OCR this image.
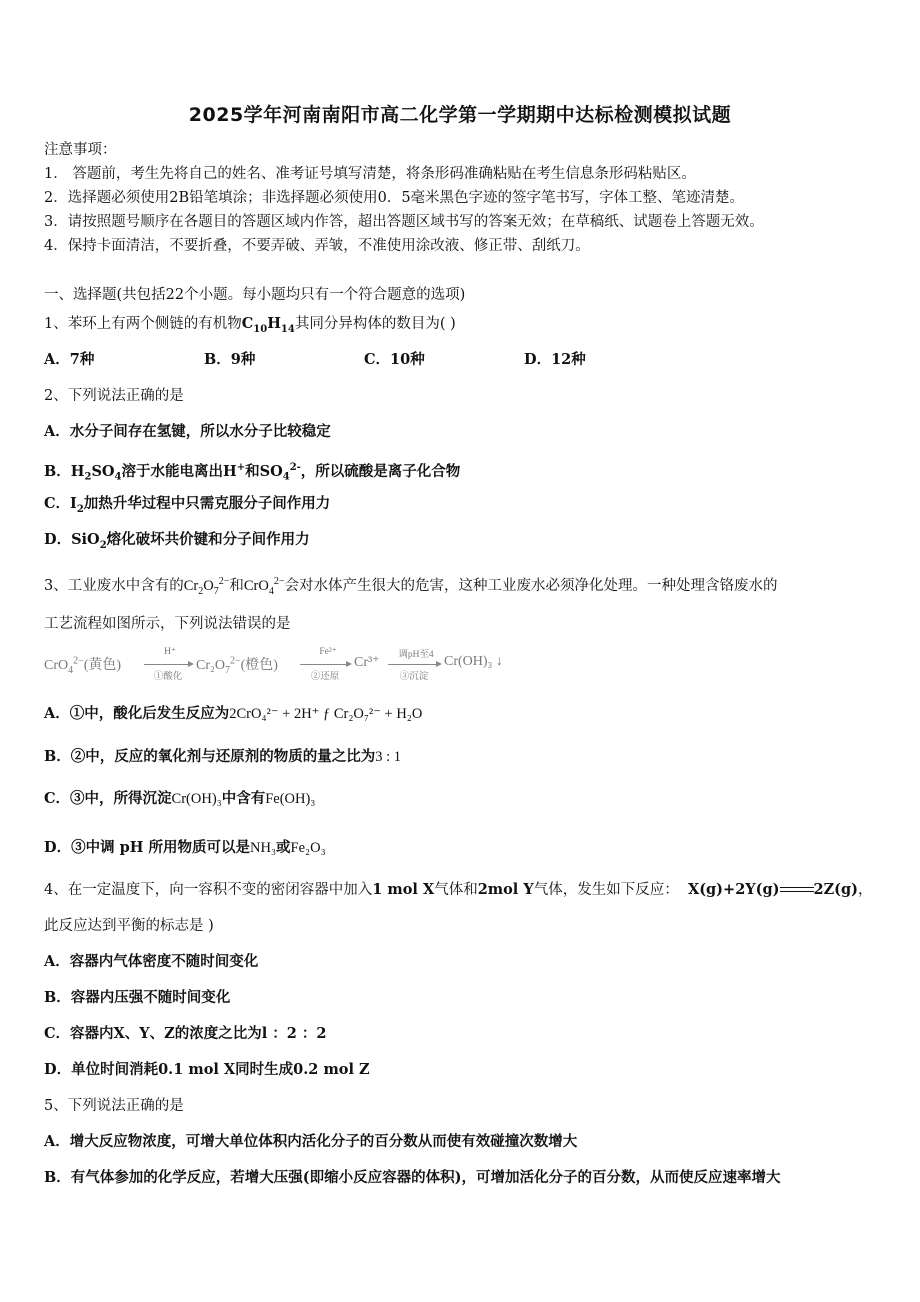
2025学年河南南阳市高二化学第一学期期中达标检测模拟试题
注意事项：
1． 答题前，考生先将自己的姓名、准考证号填写清楚，将条形码准确粘贴在考生信息条形码粘贴区。
2．选择题必须使用2B铅笔填涂；非选择题必须使用0．5毫米黑色字迹的签字笔书写，字体工整、笔迹清楚。
3．请按照题号顺序在各题目的答题区域内作答，超出答题区域书写的答案无效；在草稿纸、试题卷上答题无效。
4．保持卡面清洁，不要折叠，不要弄破、弄皱，不准使用涂改液、修正带、刮纸刀。
一、选择题(共包括22个小题。每小题均只有一个符合题意的选项)
1、苯环上有两个侧链的有机物$C_{10}H_{14}$其同分异构体的数目为( )
A．7种	B．9种	C．10种	D．12种
2、下列说法正确的是
A．水分子间存在氢键，所以水分子比较稳定
B．$H_2SO_4$溶于水能电离出H+和$SO_4^{2-}$，所以硫酸是离子化合物
C．$I_2$加热升华过程中只需克服分子间作用力
D．SiO$_2$熔化破坏共价键和分子间作用力
3、工业废水中含有的$Cr_2O_7^{2-}$和CrO$_4^{2-}$会对水体产生很大的危害，这种工业废水必须净化处理。一种处理含铬废水的
工艺流程如图所示，下列说法错误的是
CrO$_4^{2-}$(黄色)
H⁺
①酸化
$Cr_2O_7^{2-}$(橙色)
Fe²⁺
②还原
Cr³⁺	调pH至4
③沉淀
Cr(OH)₃ ↓
A．①中，酸化后发生反应为2CrO₄²⁻ + 2H⁺ ƒ Cr₂O₇²⁻ + H₂O
B．②中，反应的氧化剂与还原剂的物质的量之比为3 : 1
C．③中，所得沉淀Cr(OH)₃中含有Fe(OH)₃
D．③中调 pH 所用物质可以是NH₃或Fe₂O₃
4、在一定温度下，向一容积不变的密闭容器中加入1 mol X气体和2mol Y气体，发生如下反应： X(g)+2Y(g) 2Z(g)，
此反应达到平衡的标志是 )
A．容器内气体密度不随时间变化
B．容器内压强不随时间变化
C．容器内X、Y、Z的浓度之比为l ：2 ：2
D．单位时间消耗0.1 mol X同时生成0.2 mol Z
5、下列说法正确的是
A．增大反应物浓度，可增大单位体积内活化分子的百分数从而使有效碰撞次数增大
B．有气体参加的化学反应，若增大压强(即缩小反应容器的体积)，可增加活化分子的百分数，从而使反应速率增大
